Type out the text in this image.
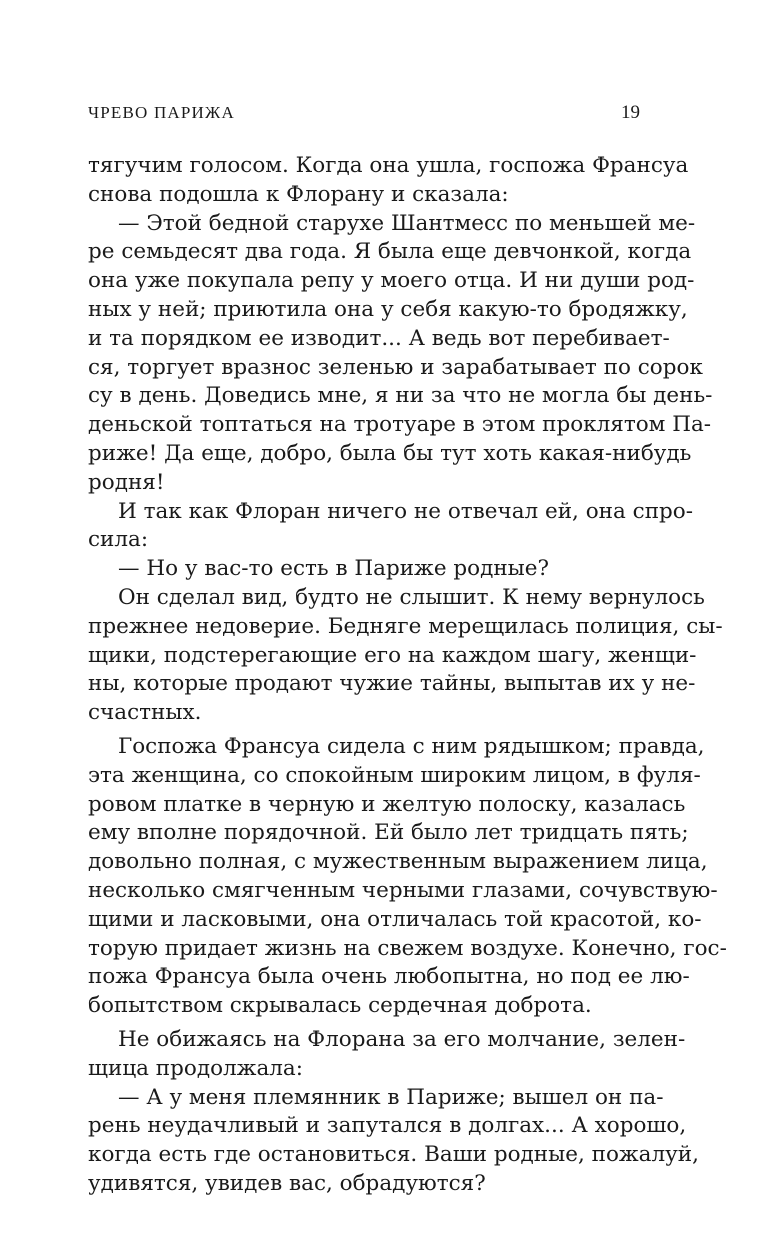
ЧРЕВО ПАРИЖА	19
тягучим голосом. Когда она ушла, госпожа Франсуа
снова подошла к Флорану и сказала:
— Этой бедной старухе Шантмесс по меньшей ме-
ре семьдесят два года. Я была еще девчонкой, когда
она уже покупала репу у моего отца. И ни души род-
ных у ней; приютила она у себя какую-то бродяжку,
и та порядком ее изводит... А ведь вот перебивает-
ся, торгует вразнос зеленью и зарабатывает по сорок
су в день. Доведись мне, я ни за что не могла бы день-
деньской топтаться на тротуаре в этом проклятом Па-
риже! Да еще, добро, была бы тут хоть какая-нибудь
родня!
И так как Флоран ничего не отвечал ей, она спро-
сила:
— Но у вас-то есть в Париже родные?
Он сделал вид, будто не слышит. К нему вернулось
прежнее недоверие. Бедняге мерещилась полиция, сы-
щики, подстерегающие его на каждом шагу, женщи-
ны, которые продают чужие тайны, выпытав их у не-
счастных.
Госпожа Франсуа сидела с ним рядышком; правда,
эта женщина, со спокойным широким лицом, в фуля-
ровом платке в черную и желтую полоску, казалась
ему вполне порядочной. Ей было лет тридцать пять;
довольно полная, с мужественным выражением лица,
несколько смягченным черными глазами, сочувствую-
щими и ласковыми, она отличалась той красотой, ко-
торую придает жизнь на свежем воздухе. Конечно, гос-
пожа Франсуа была очень любопытна, но под ее лю-
бопытством скрывалась сердечная доброта.
Не обижаясь на Флорана за его молчание, зелен-
щица продолжала:
— А у меня племянник в Париже; вышел он па-
рень неудачливый и запутался в долгах... А хорошо,
когда есть где остановиться. Ваши родные, пожалуй,
удивятся, увидев вас, обрадуются?
